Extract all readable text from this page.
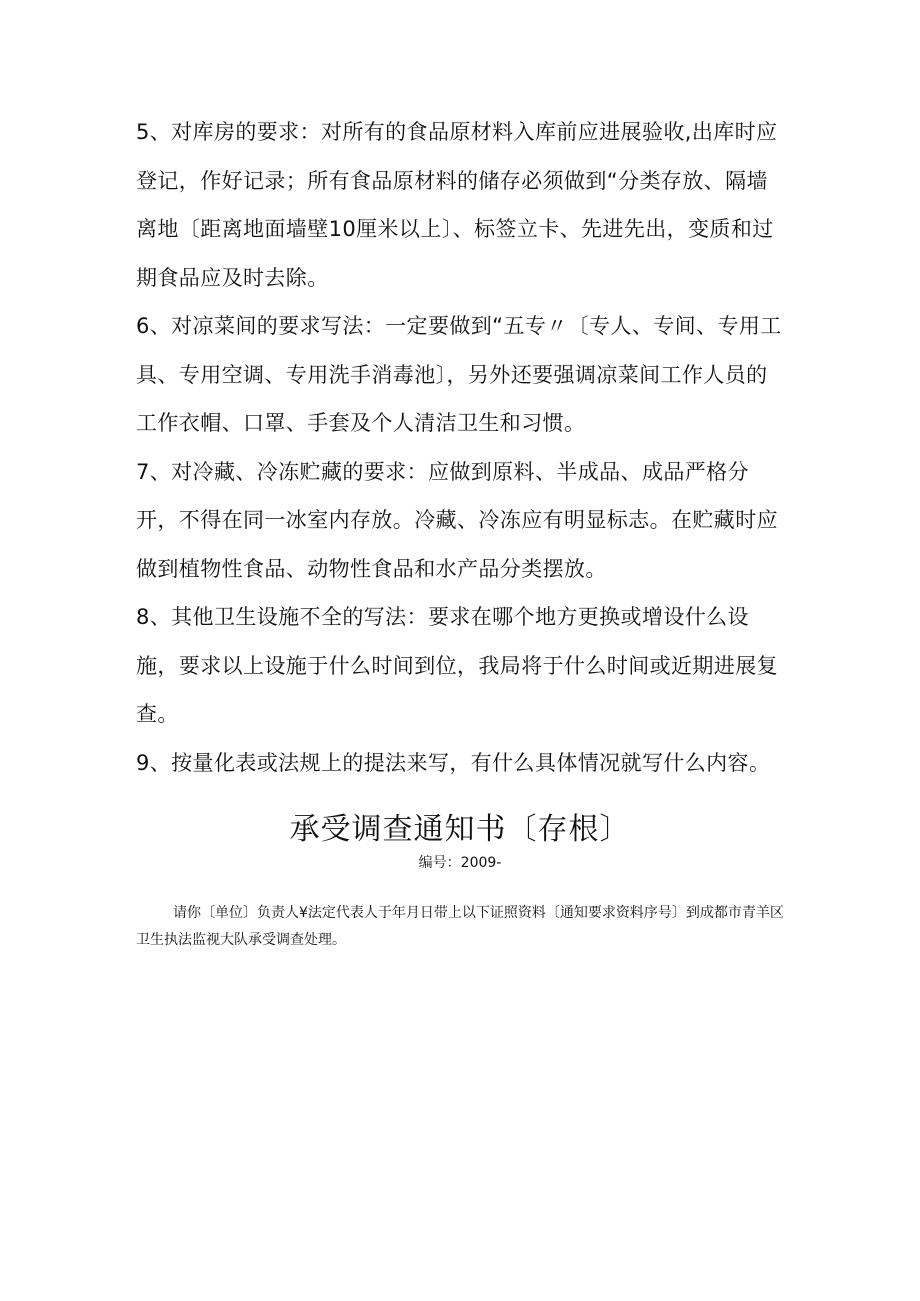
5、对库房的要求：对所有的食品原材料入库前应进展验收,出库时应登记，作好记录；所有食品原材料的储存必须做到“分类存放、隔墙离地〔距离地面墙壁10厘米以上〕、标签立卡、先进先出，变质和过期食品应及时去除。

6、对凉菜间的要求写法：一定要做到“五专〃〔专人、专间、专用工具、专用空调、专用洗手消毒池〕，另外还要强调凉菜间工作人员的工作衣帽、口罩、手套及个人清洁卫生和习惯。

7、对冷藏、冷冻贮藏的要求：应做到原料、半成品、成品严格分开，不得在同一冰室内存放。冷藏、冷冻应有明显标志。在贮藏时应做到植物性食品、动物性食品和水产品分类摆放。

8、其他卫生设施不全的写法：要求在哪个地方更换或增设什么设施，要求以上设施于什么时间到位，我局将于什么时间或近期进展复查。

9、按量化表或法规上的提法来写，有什么具体情况就写什么内容。

承受调查通知书〔存根〕
编号：2009-

请你〔单位〕负责人¥法定代表人于年月日带上以下证照资料〔通知要求资料序号〕到成都市青羊区卫生执法监视大队承受调查处理。
